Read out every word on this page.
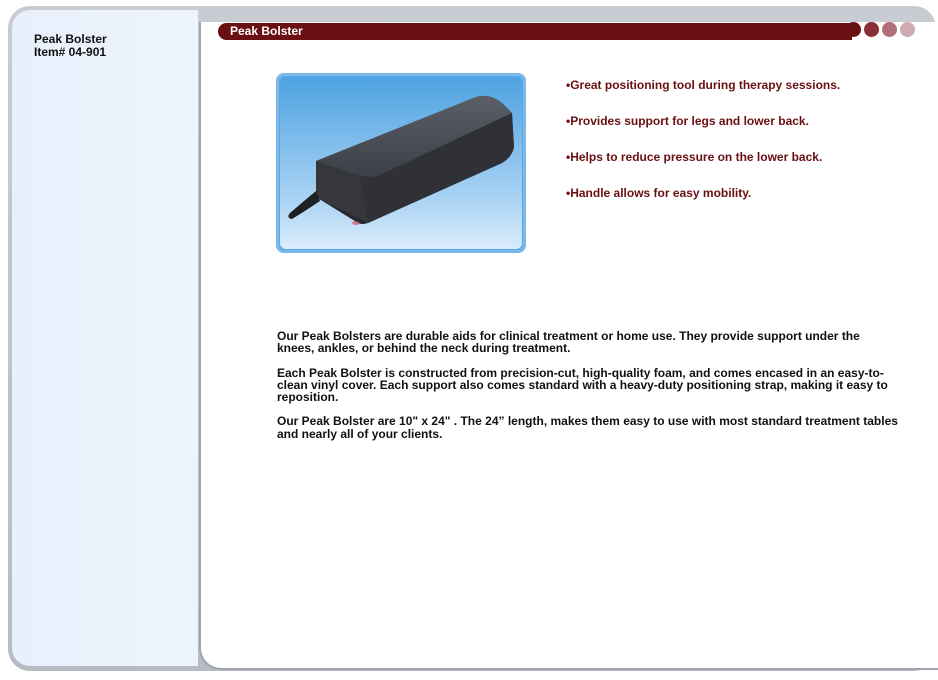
Peak Bolster
Item# 04-901
Peak Bolster
•Great positioning tool during therapy sessions.
•Provides support for legs and lower back.
•Helps to reduce pressure on the lower back.
•Handle allows for easy mobility.

Our Peak Bolsters are durable aids for clinical treatment or home use. They provide support under the knees, ankles, or behind the neck during treatment.

Each Peak Bolster is constructed from precision-cut, high-quality foam, and comes encased in an easy-to-clean vinyl cover. Each support also comes standard with a heavy-duty positioning strap, making it easy to reposition.

Our Peak Bolster are 10" x 24" . The 24” length, makes them easy to use with most standard treatment tables and nearly all of your clients.
